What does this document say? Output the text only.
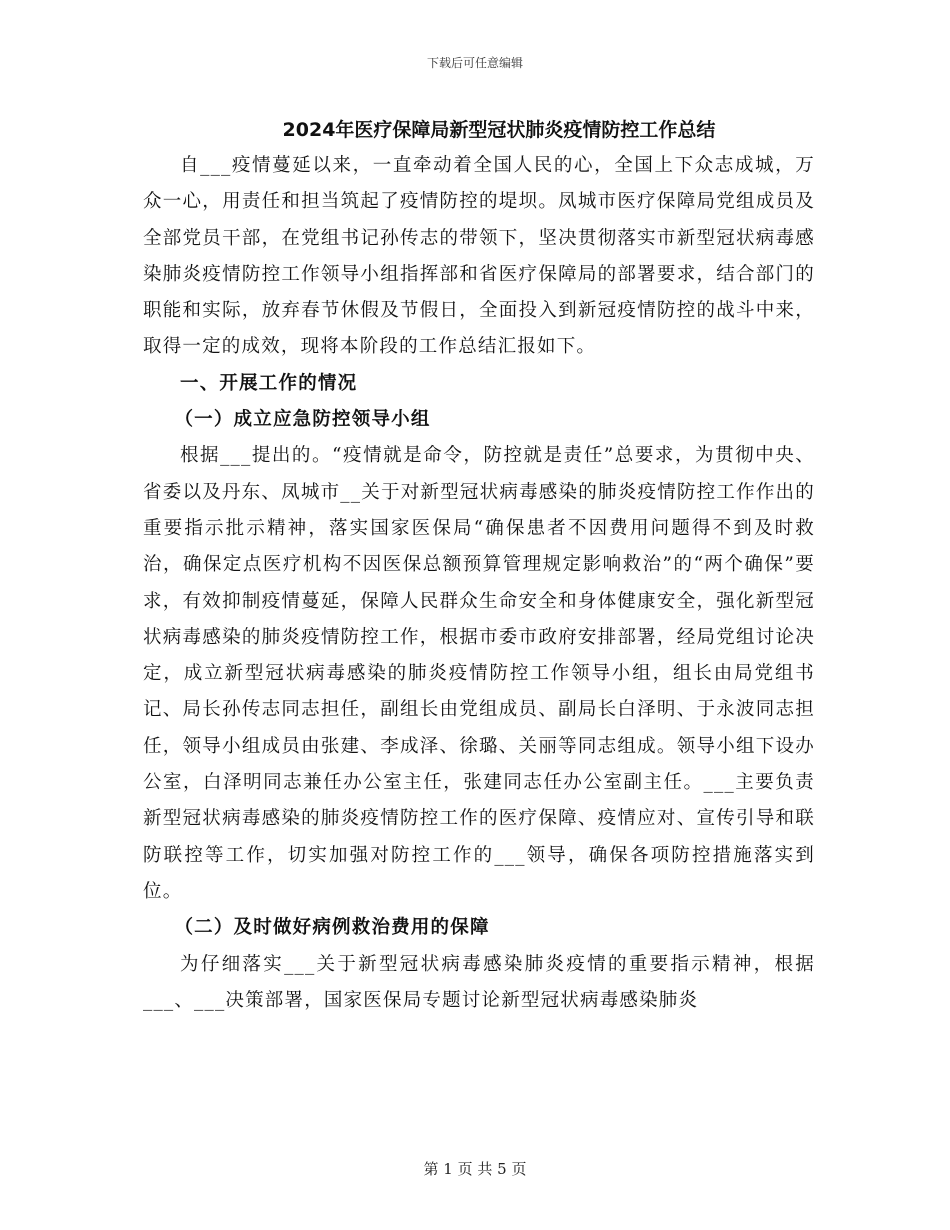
下载后可任意编辑
2024年医疗保障局新型冠状肺炎疫情防控工作总结

自___疫情蔓延以来，一直牵动着全国人民的心，全国上下众志成城，万众一心，用责任和担当筑起了疫情防控的堤坝。凤城市医疗保障局党组成员及全部党员干部，在党组书记孙传志的带领下，坚决贯彻落实市新型冠状病毒感染肺炎疫情防控工作领导小组指挥部和省医疗保障局的部署要求，结合部门的职能和实际，放弃春节休假及节假日，全面投入到新冠疫情防控的战斗中来，取得一定的成效，现将本阶段的工作总结汇报如下。

一、开展工作的情况

（一）成立应急防控领导小组

根据___提出的。“疫情就是命令，防控就是责任”总要求，为贯彻中央、省委以及丹东、凤城市__关于对新型冠状病毒感染的肺炎疫情防控工作作出的重要指示批示精神，落实国家医保局“确保患者不因费用问题得不到及时救治，确保定点医疗机构不因医保总额预算管理规定影响救治”的“两个确保”要求，有效抑制疫情蔓延，保障人民群众生命安全和身体健康安全，强化新型冠状病毒感染的肺炎疫情防控工作，根据市委市政府安排部署，经局党组讨论决定，成立新型冠状病毒感染的肺炎疫情防控工作领导小组，组长由局党组书记、局长孙传志同志担任，副组长由党组成员、副局长白泽明、于永波同志担任，领导小组成员由张建、李成泽、徐璐、关丽等同志组成。领导小组下设办公室，白泽明同志兼任办公室主任，张建同志任办公室副主任。___主要负责新型冠状病毒感染的肺炎疫情防控工作的医疗保障、疫情应对、宣传引导和联防联控等工作，切实加强对防控工作的___领导，确保各项防控措施落实到位。

（二）及时做好病例救治费用的保障

为仔细落实___关于新型冠状病毒感染肺炎疫情的重要指示精神，根据___、___决策部署，国家医保局专题讨论新型冠状病毒感染肺炎

第 1 页 共 5 页
